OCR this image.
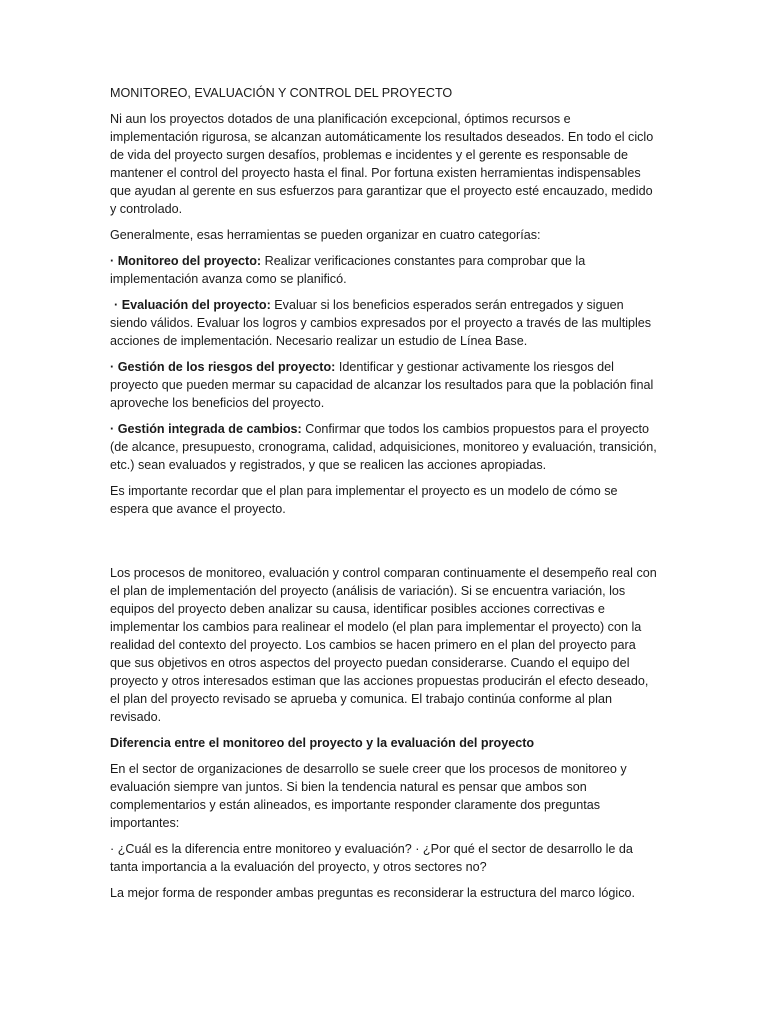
MONITOREO, EVALUACIÓN Y CONTROL DEL PROYECTO

Ni aun los proyectos dotados de una planificación excepcional, óptimos recursos e implementación rigurosa, se alcanzan automáticamente los resultados deseados. En todo el ciclo de vida del proyecto surgen desafíos, problemas e incidentes y el gerente es responsable de mantener el control del proyecto hasta el final. Por fortuna existen herramientas indispensables que ayudan al gerente en sus esfuerzos para garantizar que el proyecto esté encauzado, medido y controlado.

Generalmente, esas herramientas se pueden organizar en cuatro categorías:

· Monitoreo del proyecto: Realizar verificaciones constantes para comprobar que la implementación avanza como se planificó.

· Evaluación del proyecto: Evaluar si los beneficios esperados serán entregados y siguen siendo válidos. Evaluar los logros y cambios expresados por el proyecto a través de las multiples acciones de implementación. Necesario realizar un estudio de Línea Base.

· Gestión de los riesgos del proyecto: Identificar y gestionar activamente los riesgos del proyecto que pueden mermar su capacidad de alcanzar los resultados para que la población final aproveche los beneficios del proyecto.

· Gestión integrada de cambios: Confirmar que todos los cambios propuestos para el proyecto (de alcance, presupuesto, cronograma, calidad, adquisiciones, monitoreo y evaluación, transición, etc.) sean evaluados y registrados, y que se realicen las acciones apropiadas.

Es importante recordar que el plan para implementar el proyecto es un modelo de cómo se espera que avance el proyecto.

Los procesos de monitoreo, evaluación y control comparan continuamente el desempeño real con el plan de implementación del proyecto (análisis de variación). Si se encuentra variación, los equipos del proyecto deben analizar su causa, identificar posibles acciones correctivas e implementar los cambios para realinear el modelo (el plan para implementar el proyecto) con la realidad del contexto del proyecto. Los cambios se hacen primero en el plan del proyecto para que sus objetivos en otros aspectos del proyecto puedan considerarse. Cuando el equipo del proyecto y otros interesados estiman que las acciones propuestas producirán el efecto deseado, el plan del proyecto revisado se aprueba y comunica. El trabajo continúa conforme al plan revisado.

Diferencia entre el monitoreo del proyecto y la evaluación del proyecto

En el sector de organizaciones de desarrollo se suele creer que los procesos de monitoreo y evaluación siempre van juntos. Si bien la tendencia natural es pensar que ambos son complementarios y están alineados, es importante responder claramente dos preguntas importantes:

· ¿Cuál es la diferencia entre monitoreo y evaluación? · ¿Por qué el sector de desarrollo le da tanta importancia a la evaluación del proyecto, y otros sectores no?

La mejor forma de responder ambas preguntas es reconsiderar la estructura del marco lógico.
